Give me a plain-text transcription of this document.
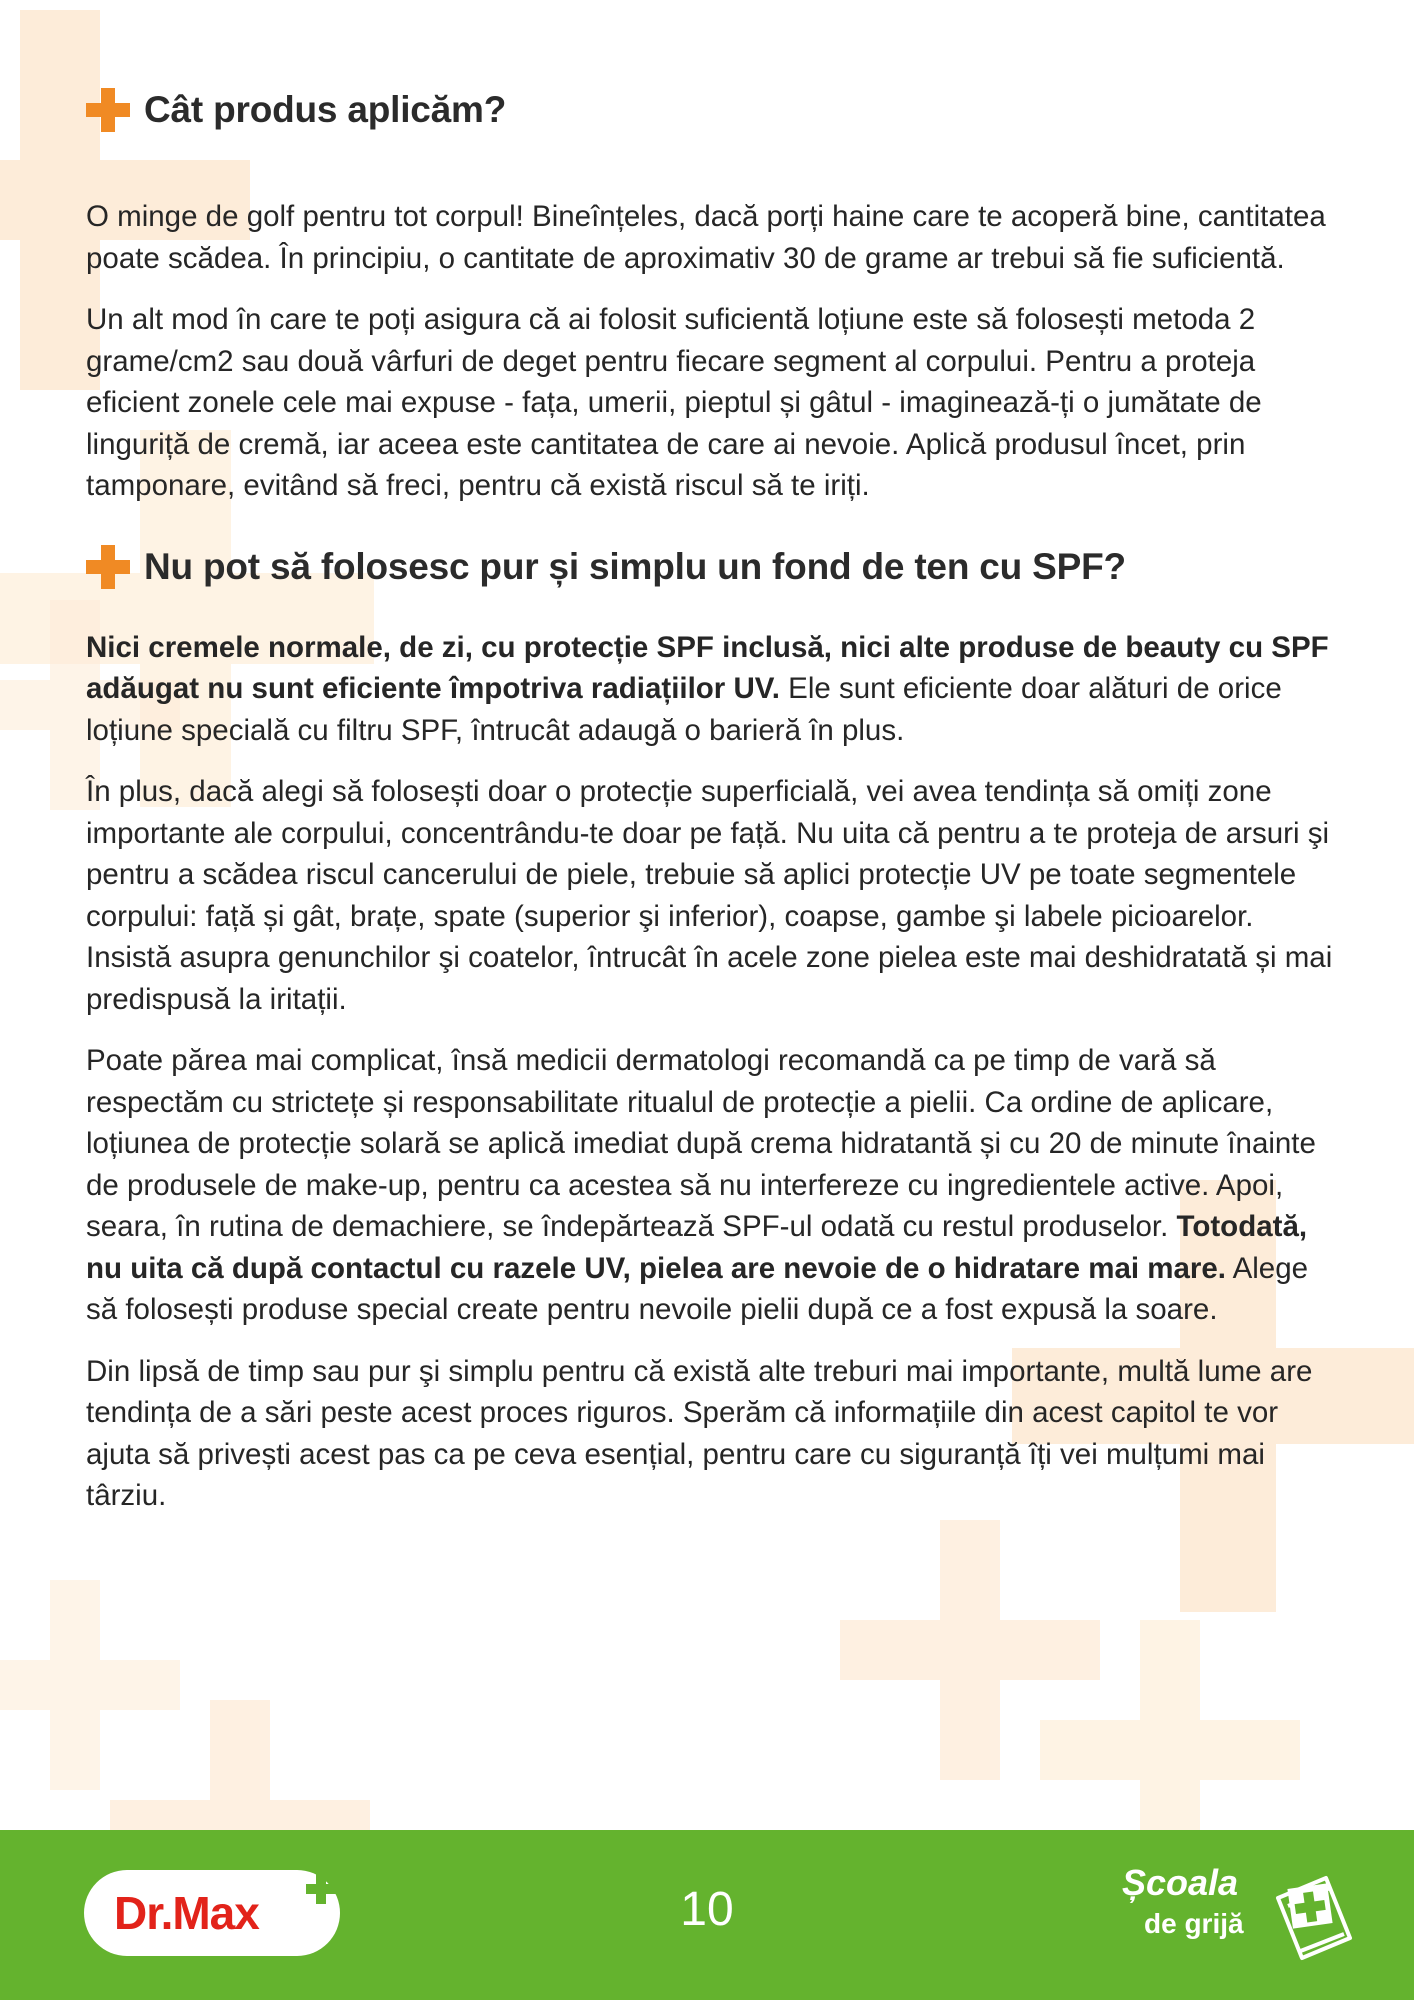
Cât produs aplicăm?

O minge de golf pentru tot corpul! Bineînțeles, dacă porți haine care te acoperă bine, cantitatea poate scădea. În principiu, o cantitate de aproximativ 30 de grame ar trebui să fie suficientă.

Un alt mod în care te poți asigura că ai folosit suficientă loțiune este să folosești metoda 2 grame/cm2 sau două vârfuri de deget pentru fiecare segment al corpului. Pentru a proteja eficient zonele cele mai expuse - fața, umerii, pieptul și gâtul - imaginează-ți o jumătate de linguriță de cremă, iar aceea este cantitatea de care ai nevoie. Aplică produsul încet, prin tamponare, evitând să freci, pentru că există riscul să te iriți.

Nu pot să folosesc pur și simplu un fond de ten cu SPF?

Nici cremele normale, de zi, cu protecție SPF inclusă, nici alte produse de beauty cu SPF adăugat nu sunt eficiente împotriva radiațiilor UV. Ele sunt eficiente doar alături de orice loțiune specială cu filtru SPF, întrucât adaugă o barieră în plus.

În plus, dacă alegi să folosești doar o protecție superficială, vei avea tendința să omiți zone importante ale corpului, concentrându-te doar pe față. Nu uita că pentru a te proteja de arsuri şi pentru a scădea riscul cancerului de piele, trebuie să aplici protecție UV pe toate segmentele corpului: față și gât, brațe, spate (superior şi inferior), coapse, gambe şi labele picioarelor. Insistă asupra genunchilor şi coatelor, întrucât în acele zone pielea este mai deshidratată și mai predispusă la iritații.

Poate părea mai complicat, însă medicii dermatologi recomandă ca pe timp de vară să respectăm cu strictețe și responsabilitate ritualul de protecție a pielii. Ca ordine de aplicare, loțiunea de protecție solară se aplică imediat după crema hidratantă și cu 20 de minute înainte de produsele de make-up, pentru ca acestea să nu interfereze cu ingredientele active. Apoi, seara, în rutina de demachiere, se îndepărtează SPF-ul odată cu restul produselor. Totodată, nu uita că după contactul cu razele UV, pielea are nevoie de o hidratare mai mare. Alege să folosești produse special create pentru nevoile pielii după ce a fost expusă la soare.

Din lipsă de timp sau pur şi simplu pentru că există alte treburi mai importante, multă lume are tendința de a sări peste acest proces riguros. Sperăm că informațiile din acest capitol te vor ajuta să privești acest pas ca pe ceva esențial, pentru care cu siguranță îți vei mulțumi mai târziu.

Dr.Max	10
Școala
de grijă
